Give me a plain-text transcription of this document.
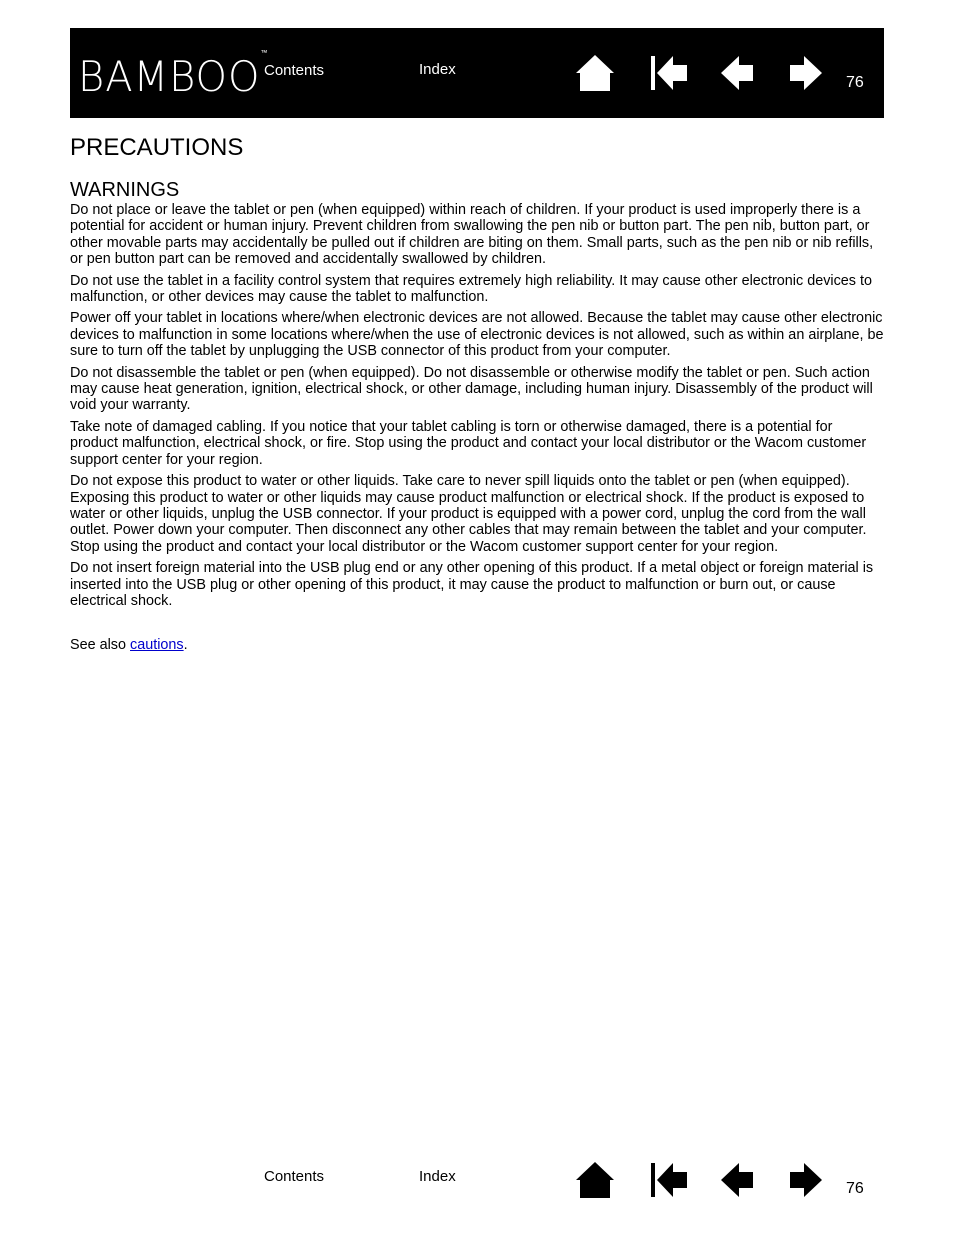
BAMBOO™
Contents	Index
76
PRECAUTIONS
WARNINGS

Do not place or leave the tablet or pen (when equipped) within reach of children. If your product is used improperly there is a potential for accident or human injury. Prevent children from swallowing the pen nib or button part. The pen nib, button part, or other movable parts may accidentally be pulled out if children are biting on them. Small parts, such as the pen nib or nib refills, or pen button part can be removed and accidentally swallowed by children.

Do not use the tablet in a facility control system that requires extremely high reliability. It may cause other electronic devices to malfunction, or other devices may cause the tablet to malfunction.

Power off your tablet in locations where/when electronic devices are not allowed. Because the tablet may cause other electronic devices to malfunction in some locations where/when the use of electronic devices is not allowed, such as within an airplane, be sure to turn off the tablet by unplugging the USB connector of this product from your computer.

Do not disassemble the tablet or pen (when equipped). Do not disassemble or otherwise modify the tablet or pen. Such action may cause heat generation, ignition, electrical shock, or other damage, including human injury. Disassembly of the product will void your warranty.

Take note of damaged cabling. If you notice that your tablet cabling is torn or otherwise damaged, there is a potential for product malfunction, electrical shock, or fire. Stop using the product and contact your local distributor or the Wacom customer support center for your region.

Do not expose this product to water or other liquids. Take care to never spill liquids onto the tablet or pen (when equipped). Exposing this product to water or other liquids may cause product malfunction or electrical shock. If the product is exposed to water or other liquids, unplug the USB connector. If your product is equipped with a power cord, unplug the cord from the wall outlet. Power down your computer. Then disconnect any other cables that may remain between the tablet and your computer. Stop using the product and contact your local distributor or the Wacom customer support center for your region.

Do not insert foreign material into the USB plug end or any other opening of this product. If a metal object or foreign material is inserted into the USB plug or other opening of this product, it may cause the product to malfunction or burn out, or cause electrical shock.

See also cautions.

Contents	Index
76
